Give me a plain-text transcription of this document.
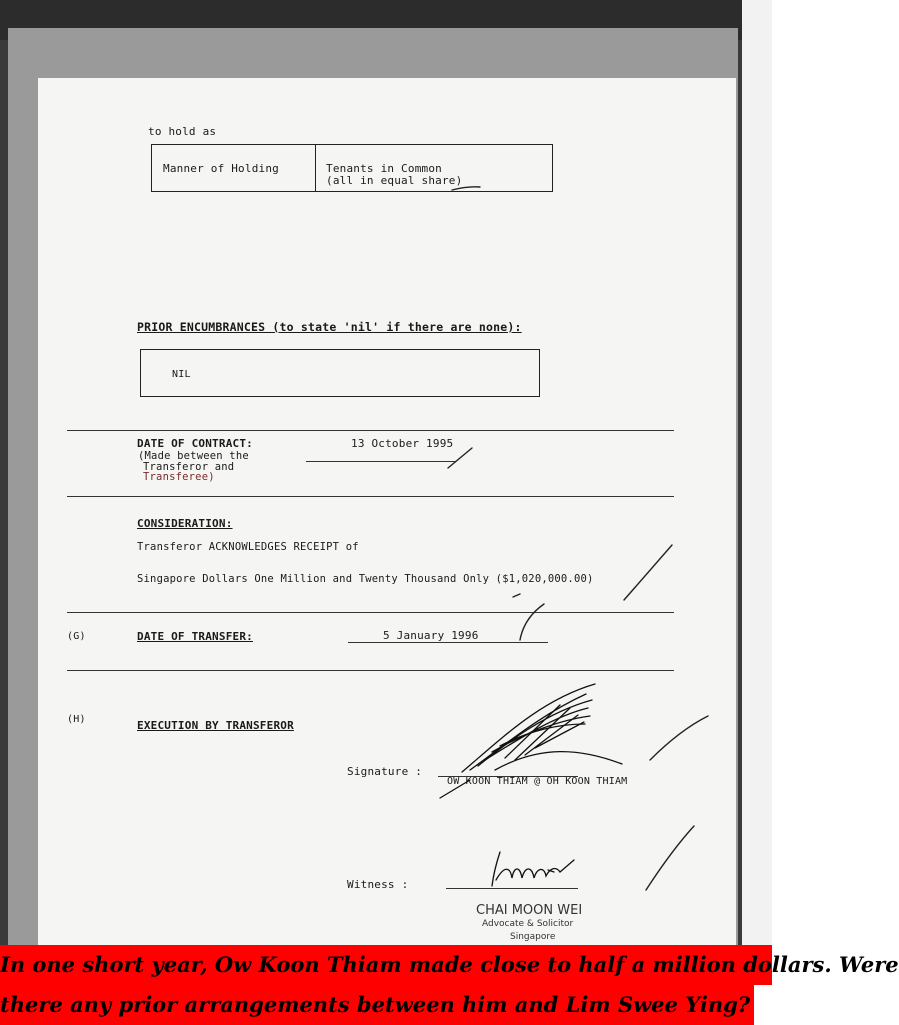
to hold as
Manner of Holding	Tenants in Common
(all in equal share)
PRIOR ENCUMBRANCES (to state 'nil' if there are none):
NIL
DATE OF CONTRACT:
(Made between the
Transferor and
Transferee)
13 October 1995
CONSIDERATION:
Transferor ACKNOWLEDGES RECEIPT of
Singapore Dollars One Million and Twenty Thousand Only ($1,020,000.00)
(G)	DATE OF TRANSFER:	5 January 1996
(H)	EXECUTION BY TRANSFEROR
Signature :
OW KOON THIAM @ OH KOON THIAM
Witness :
CHAI MOON WEI
Advocate & Solicitor
Singapore
In one short year, Ow Koon Thiam made close to half a million dollars. Were
there any prior arrangements between him and Lim Swee Ying?
